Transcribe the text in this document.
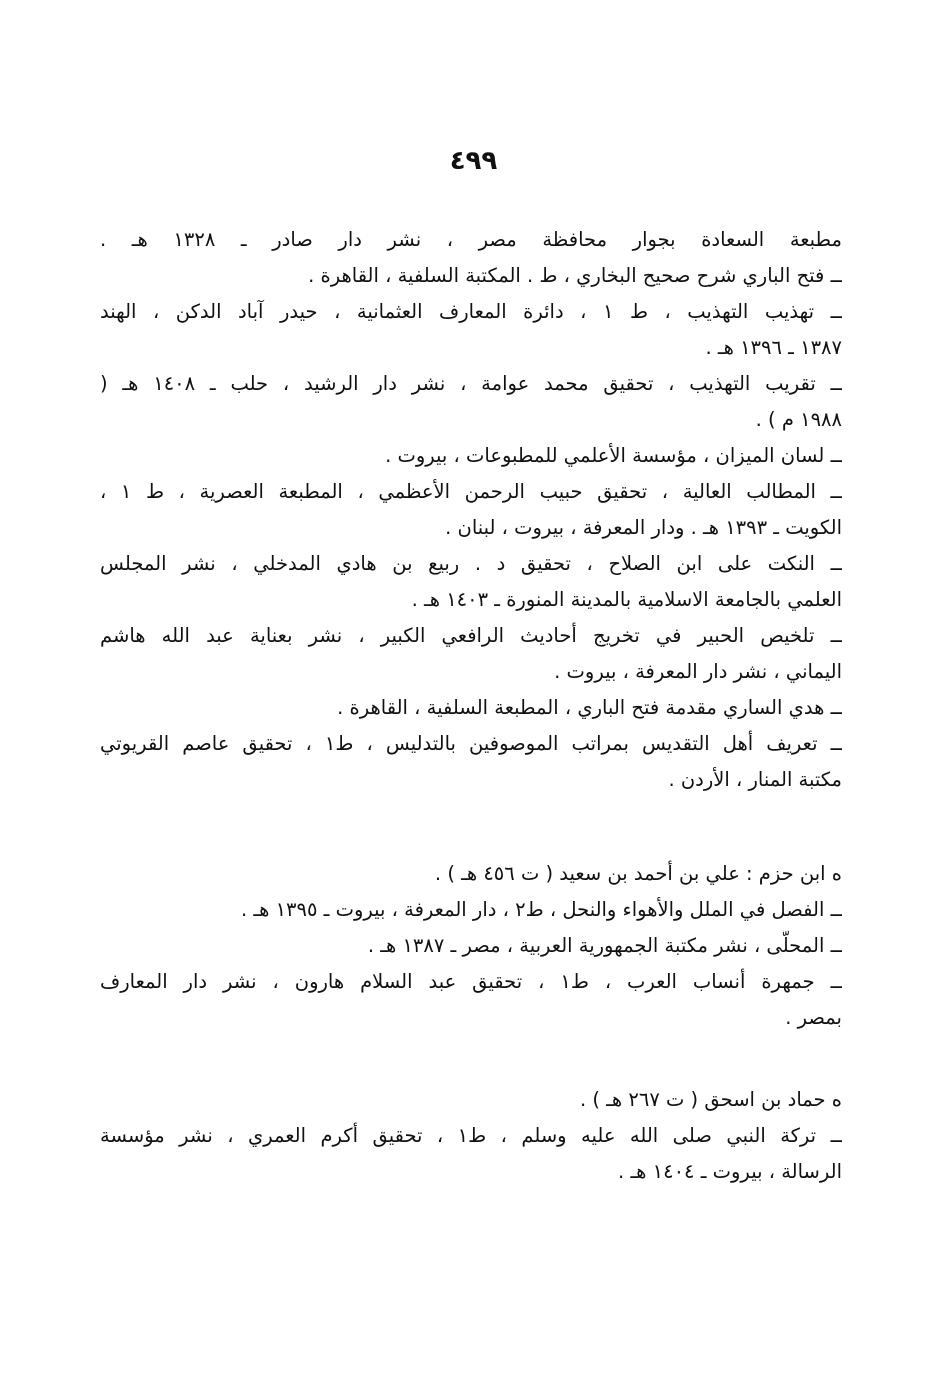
٤٩٩
مطبعة السعادة بجوار محافظة مصر ، نشر دار صادر ـ ١٣٢٨ هـ .
ــ فتح الباري شرح صحيح البخاري ، ط . المكتبة السلفية ، القاهرة .
ــ تهذيب التهذيب ، ط ١ ، دائرة المعارف العثمانية ، حيدر آباد الدكن ، الهند
١٣٨٧ ـ ١٣٩٦ هـ .
ــ تقريب التهذيب ، تحقيق محمد عوامة ، نشر دار الرشيد ، حلب ـ ١٤٠٨ هـ (
١٩٨٨ م ) .
ــ لسان الميزان ، مؤسسة الأعلمي للمطبوعات ، بيروت .
ــ المطالب العالية ، تحقيق حبيب الرحمن الأعظمي ، المطبعة العصرية ، ط ١ ،
الكويت ـ ١٣٩٣ هـ . ودار المعرفة ، بيروت ، لبنان .
ــ النكت على ابن الصلاح ، تحقيق د . ربيع بن هادي المدخلي ، نشر المجلس
العلمي بالجامعة الاسلامية بالمدينة المنورة ـ ١٤٠٣ هـ .
ــ تلخيص الحبير في تخريج أحاديث الرافعي الكبير ، نشر بعناية عبد الله هاشم
اليماني ، نشر دار المعرفة ، بيروت .
ــ هدي الساري مقدمة فتح الباري ، المطبعة السلفية ، القاهرة .
ــ تعريف أهل التقديس بمراتب الموصوفين بالتدليس ، ط١ ، تحقيق عاصم القريوتي
مكتبة المنار ، الأردن .
ه ابن حزم : علي بن أحمد بن سعيد ( ت ٤٥٦ هـ ) .
ــ الفصل في الملل والأهواء والنحل ، ط٢ ، دار المعرفة ، بيروت ـ ١٣٩٥ هـ .
ــ المحلّى ، نشر مكتبة الجمهورية العربية ، مصر ـ ١٣٨٧ هـ .
ــ جمهرة أنساب العرب ، ط١ ، تحقيق عبد السلام هارون ، نشر دار المعارف
بمصر .
ه حماد بن اسحق ( ت ٢٦٧ هـ ) .
ــ تركة النبي صلى الله عليه وسلم ، ط١ ، تحقيق أكرم العمري ، نشر مؤسسة
الرسالة ، بيروت ـ ١٤٠٤ هـ .
